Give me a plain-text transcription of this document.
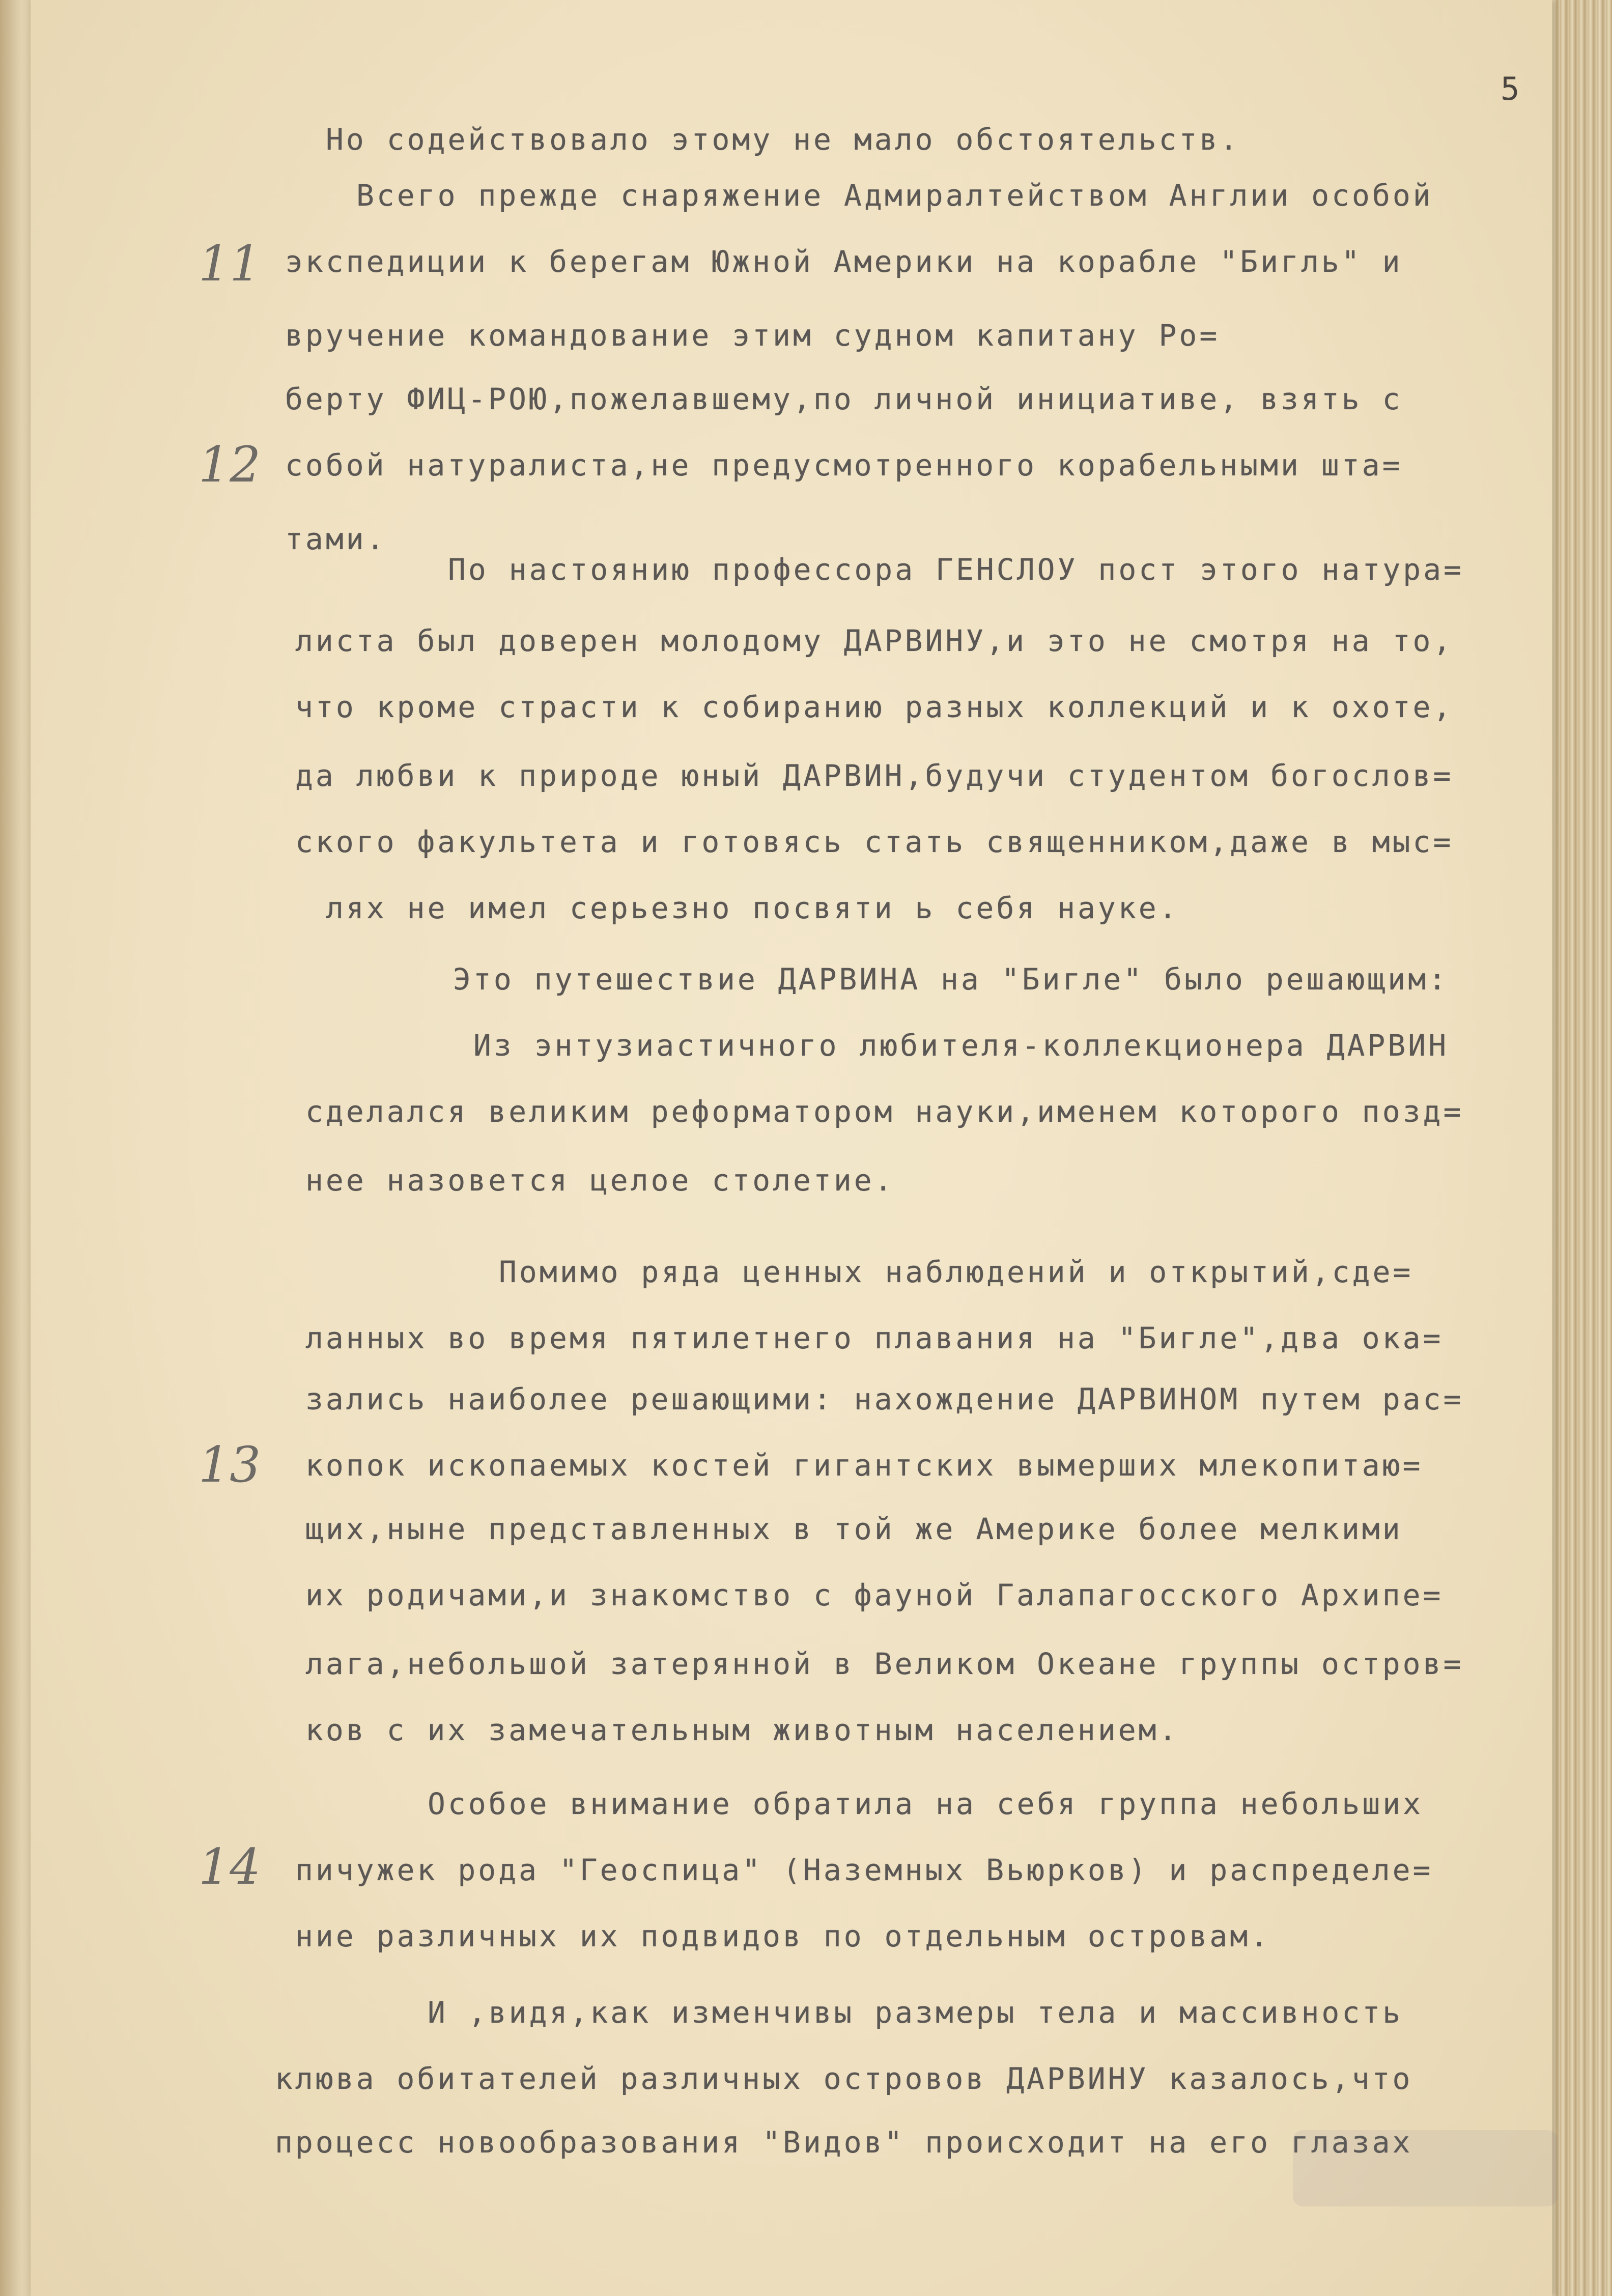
5
11
12
13
14
Но содействовало этому не мало обстоятельств.
Всего прежде снаряжение Адмиралтейством Англии особой
экспедиции к берегам Южной Америки на корабле "Бигль" и
вручение командование этим судном капитану Ро=
берту ФИЦ-РОЮ,пожелавшему,по личной инициативе, взять с
собой натуралиста,не предусмотренного корабельными шта=
тами.
По настоянию профессора ГЕНСЛОУ пост этого натура=
листа был доверен молодому ДАРВИНУ,и это не смотря на то,
что кроме страсти к собиранию разных коллекций и к охоте,
да любви к природе юный ДАРВИН,будучи студентом богослов=
ского факультета и готовясь стать священником,даже в мыс=
лях не имел серьезно посвяти ь себя науке.
Это путешествие ДАРВИНА на "Бигле" было решающим:
Из энтузиастичного любителя-коллекционера ДАРВИН
сделался великим реформатором науки,именем которого позд=
нее назовется целое столетие.
Помимо ряда ценных наблюдений и открытий,сде=
ланных во время пятилетнего плавания на "Бигле",два ока=
зались наиболее решающими: нахождение ДАРВИНОМ путем рас=
копок ископаемых костей гигантских вымерших млекопитаю=
щих,ныне представленных в той же Америке более мелкими
их родичами,и знакомство с фауной Галапагосского Архипе=
лага,небольшой затерянной в Великом Океане группы остров=
ков с их замечательным животным населением.
Особое внимание обратила на себя группа небольших
пичужек рода "Геоспица" (Наземных Вьюрков) и распределе=
ние различных их подвидов по отдельным островам.
И ,видя,как изменчивы размеры тела и массивность
клюва обитателей различных островов ДАРВИНУ казалось,что
процесс новообразования "Видов" происходит на его глазах
